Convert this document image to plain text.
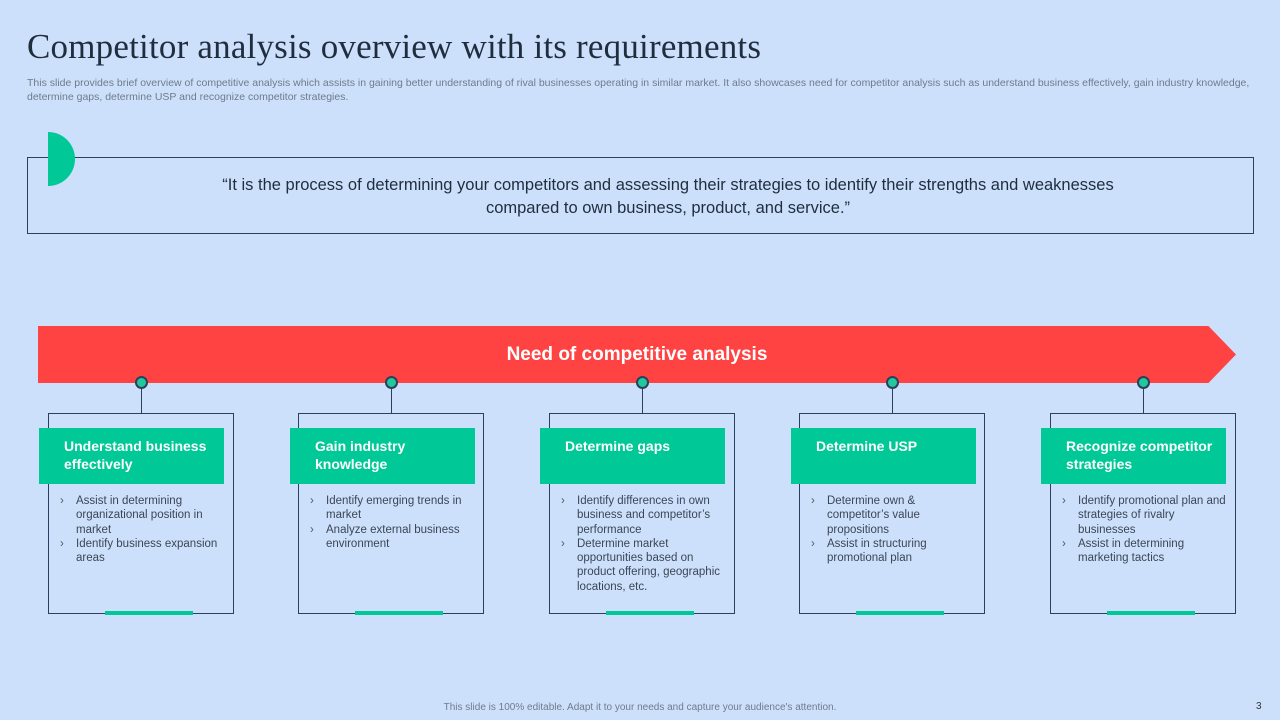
Competitor analysis overview with its requirements
This slide provides brief overview of competitive analysis which assists in gaining better understanding of rival businesses operating in similar market. It also showcases need for competitor analysis such as understand business effectively, gain industry knowledge, determine gaps, determine USP and recognize competitor strategies.
“It is the process of determining your competitors and assessing their strategies to identify their strengths and weaknesses compared to own business, product, and service.”
Need of competitive analysis
Understand business effectively
› Assist in determining organizational position in market
› Identify business expansion areas
Gain industry knowledge
› Identify emerging trends in market
› Analyze external business environment
Determine gaps
› Identify differences in own business and competitor’s performance
› Determine market opportunities based on product offering, geographic locations, etc.
Determine USP
› Determine own & competitor’s value propositions
› Assist in structuring promotional plan
Recognize competitor strategies
› Identify promotional plan and strategies of rivalry businesses
› Assist in determining marketing tactics
This slide is 100% editable. Adapt it to your needs and capture your audience's attention.	3
